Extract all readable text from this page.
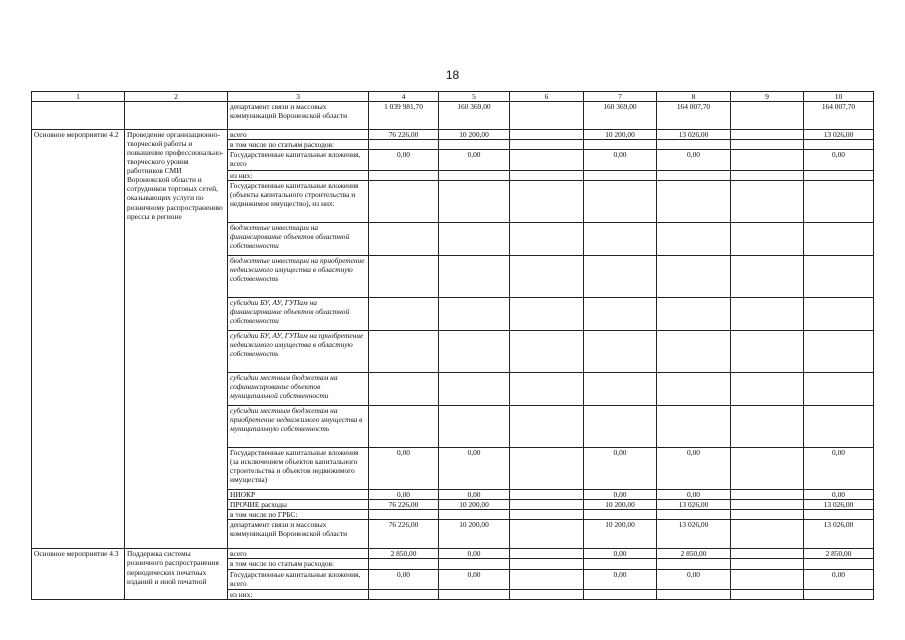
18
1	2	3	4	5	6	7	8	9	10
		департамент связи и массовых коммуникаций Воронежской области	1 039 981,70	160 369,00		160 369,00	164 007,70		164 007,70
Основное мероприятие 4.2	Проведение организационно-творческой работы и повышение профессионально-творческого уровня работников СМИ Воронежской области и сотрудников торговых сетей, оказывающих услуги по розничному распространению прессы в регионе	всего	76 226,00	10 200,00		10 200,00	13 026,00		13 026,00
		в том числе по статьям расходов:							
		Государственные капитальные вложения, всего	0,00	0,00		0,00	0,00		0,00
		из них:							
		Государственные капитальные вложения (объекты капитального строительства и недвижимое имущество), из них:							
		бюджетные инвестиции на финансирование объектов областной собственности							
		бюджетные инвестиции на приобретение недвижимого имущества в областную собственность							
		субсидии БУ, АУ, ГУПам на финансирование объектов областной собственности							
		субсидии БУ, АУ, ГУПам на приобретение недвижимого имущества в областную собственность							
		субсидии местным бюджетам на софинансирование объектов муниципальной собственности							
		субсидии местным бюджетам на приобретение недвижимого имущества в муниципальную собственность							
		Государственные капитальные вложения (за исключением объектов капитального строительства и объектов недвижимого имущества)	0,00	0,00		0,00	0,00		0,00
		НИОКР	0,00	0,00		0,00	0,00		0,00
		ПРОЧИЕ расходы	76 226,00	10 200,00		10 200,00	13 026,00		13 026,00
		в том числе по ГРБС:							
		департамент связи и массовых коммуникаций Воронежской области	76 226,00	10 200,00		10 200,00	13 026,00		13 026,00
Основное мероприятие 4.3	Поддержка системы розничного распространения периодических печатных изданий и иной печатной	всего	2 850,00	0,00		0,00	2 850,00		2 850,00
		в том числе по статьям расходов:							
		Государственные капитальные вложения, всего	0,00	0,00		0,00	0,00		0,00
		из них:							
